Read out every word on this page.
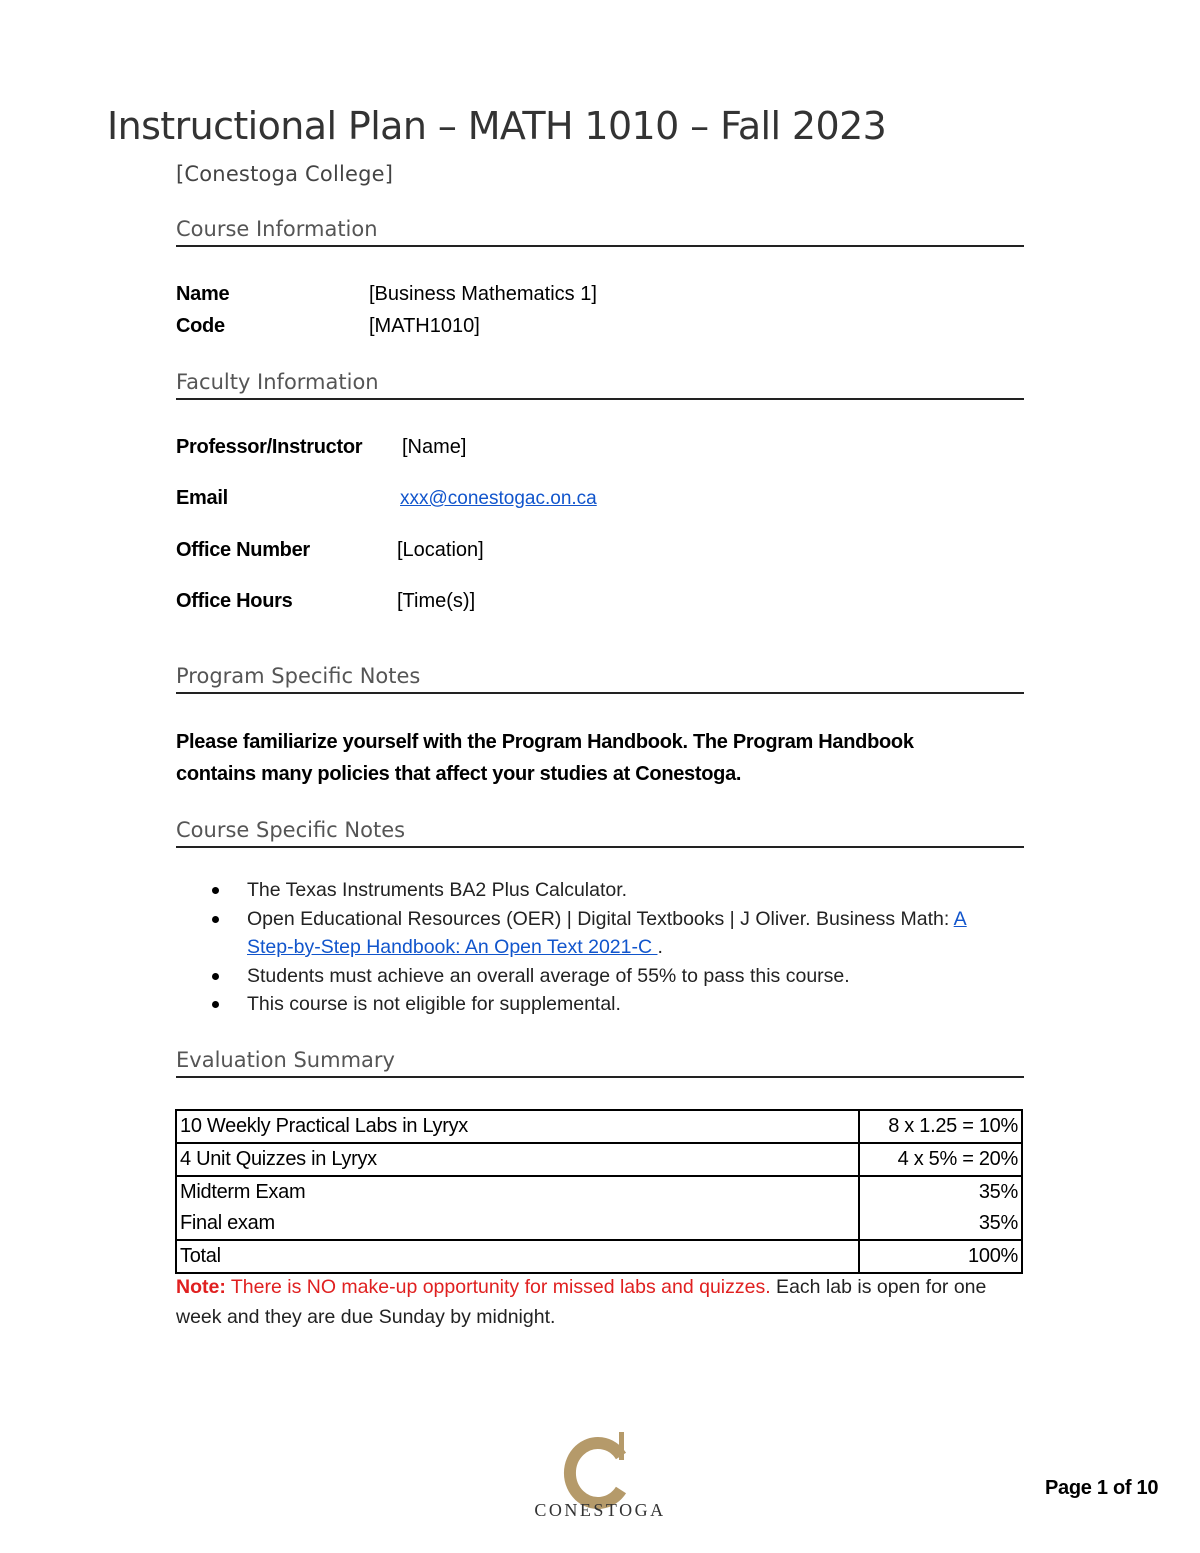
Instructional Plan – MATH 1010 – Fall 2023
[Conestoga College]
Course Information
Name	[Business Mathematics 1]
Code	[MATH1010]
Faculty Information
Professor/Instructor [Name]
Email	xxx@conestogac.on.ca
Office Number	[Location]
Office Hours	[Time(s)]
Program Specific Notes
Please familiarize yourself with the Program Handbook. The Program Handbook contains many policies that affect your studies at Conestoga.
Course Specific Notes
The Texas Instruments BA2 Plus Calculator.
Open Educational Resources (OER) | Digital Textbooks | J Oliver. Business Math: A Step-by-Step Handbook: An Open Text 2021-C .
Students must achieve an overall average of 55% to pass this course.
This course is not eligible for supplemental.
Evaluation Summary
10 Weekly Practical Labs in Lyryx	8 x 1.25 = 10%
4 Unit Quizzes in Lyryx	4 x 5% = 20%
Midterm Exam	35%
Final exam	35%
Total	100%
Note: There is NO make-up opportunity for missed labs and quizzes. Each lab is open for one week and they are due Sunday by midnight.
CONESTOGA
Page 1 of 10
